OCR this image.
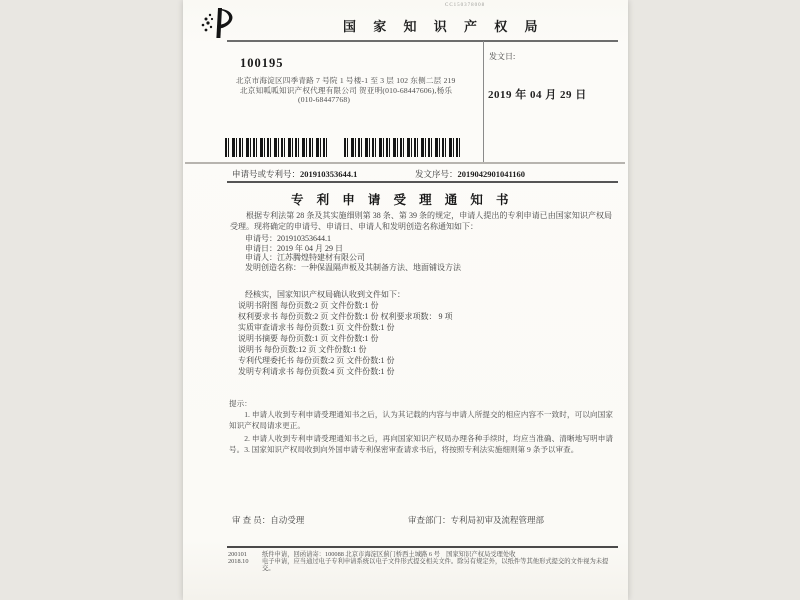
CC150378008
国 家 知 识 产 权 局
发文日:
2019 年 04 月 29 日
100195
北京市海淀区四季青路 7 号院 1 号楼-1 至 3 层 102 东侧二层 219
北京知呱呱知识产权代理有限公司 贺亚明(010-68447606),杨乐
(010-68447768)
申请号或专利号：201910353644.1	发文序号：2019042901041160
专 利 申 请 受 理 通 知 书
根据专利法第 28 条及其实施细则第 38 条、第 39 条的规定，申请人提出的专利申请已由国家知识产权局受理。现将确定的申请号、申请日、申请人和发明创造名称通知如下：
申请号：201910353644.1
申请日：2019 年 04 月 29 日
申请人：江苏腾煌特建材有限公司
发明创造名称：一种保温隔声板及其制备方法、地面铺设方法
经核实，国家知识产权局确认收到文件如下：
说明书附图 每份页数:2 页 文件份数:1 份
权利要求书 每份页数:2 页 文件份数:1 份 权利要求项数： 9 项
实质审查请求书 每份页数:1 页 文件份数:1 份
说明书摘要 每份页数:1 页 文件份数:1 份
说明书 每份页数:12 页 文件份数:1 份
专利代理委托书 每份页数:2 页 文件份数:1 份
发明专利请求书 每份页数:4 页 文件份数:1 份
提示：
1. 申请人收到专利申请受理通知书之后，认为其记载的内容与申请人所提交的相应内容不一致时，可以向国家知识产权局请求更正。
2. 申请人收到专利申请受理通知书之后，再向国家知识产权局办理各种手续时，均应当准确、清晰地写明申请号。 3. 国家知识产权局收到向外国申请专利保密审查请求书后，将按照专利法实施细则第 9 条予以审查。
审 查 员：自动受理	审查部门：专利局初审及流程管理部
200101 纸件申请，回函请寄：100088 北京市海淀区蓟门桥西土城路 6 号　国家知识产权局受理处收
2018.10 电子申请，应当通过电子专利申请系统以电子文件形式提交相关文件。除另有规定外，以纸件等其他形式提交的文件视为未提交。
